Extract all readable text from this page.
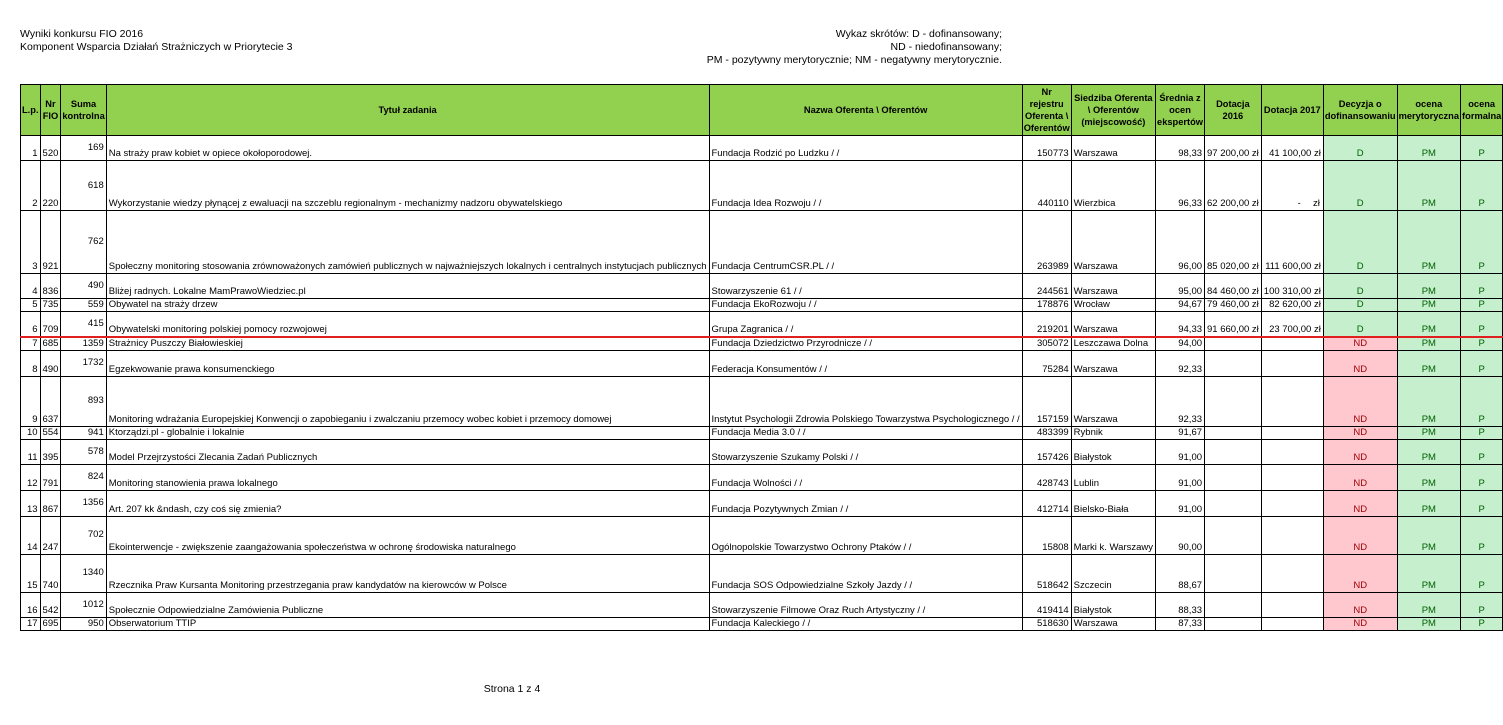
Wyniki konkursu FIO 2016
Komponent Wsparcia Działań Strażniczych w Priorytecie 3
Wykaz skrótów: D - dofinansowany;
ND - niedofinansowany;
PM - pozytywny merytorycznie; NM - negatywny merytorycznie.
L.p.	Nr FIO	Suma kontrolna	Tytuł zadania	Nazwa Oferenta \ Oferentów	Nr rejestru Oferenta \ Oferentów	Siedziba Oferenta \ Oferentów (miejscowość)	Średnia z ocen ekspertów	Dotacja 2016	Dotacja 2017	Decyzja o dofinansowaniu	ocena merytoryczna	ocena formalna
1	520	169	Na straży praw kobiet w opiece okołoporodowej.	Fundacja Rodzić po Ludzku / /	150773	Warszawa	98,33	97 200,00 zł	41 100,00 zł	D	PM	P
2	220	618	Wykorzystanie wiedzy płynącej z ewaluacji na szczeblu regionalnym - mechanizmy nadzoru obywatelskiego	Fundacja Idea Rozwoju / /	440110	Wierzbica	96,33	62 200,00 zł	- zł	D	PM	P
3	921	762	Społeczny monitoring stosowania zrównoważonych zamówień publicznych w najważniejszych lokalnych i centralnych instytucjach publicznych	Fundacja CentrumCSR.PL / /	263989	Warszawa	96,00	85 020,00 zł	111 600,00 zł	D	PM	P
4	836	490	Bliżej radnych. Lokalne MamPrawoWiedziec.pl	Stowarzyszenie 61 / /	244561	Warszawa	95,00	84 460,00 zł	100 310,00 zł	D	PM	P
5	735	559	Obywatel na straży drzew	Fundacja EkoRozwoju / /	178876	Wrocław	94,67	79 460,00 zł	82 620,00 zł	D	PM	P
6	709	415	Obywatelski monitoring polskiej pomocy rozwojowej	Grupa Zagranica / /	219201	Warszawa	94,33	91 660,00 zł	23 700,00 zł	D	PM	P
7	685	1359	Strażnicy Puszczy Białowieskiej	Fundacja Dziedzictwo Przyrodnicze / /	305072	Leszczawa Dolna	94,00			ND	PM	P
8	490	1732	Egzekwowanie prawa konsumenckiego	Federacja Konsumentów / /	75284	Warszawa	92,33			ND	PM	P
9	637	893	Monitoring wdrażania Europejskiej Konwencji o zapobieganiu i zwalczaniu przemocy wobec kobiet i przemocy domowej	Instytut Psychologii Zdrowia Polskiego Towarzystwa Psychologicznego / /	157159	Warszawa	92,33			ND	PM	P
10	554	941	Ktorządzi.pl - globalnie i lokalnie	Fundacja Media 3.0 / /	483399	Rybnik	91,67			ND	PM	P
11	395	578	Model Przejrzystości Zlecania Zadań Publicznych	Stowarzyszenie Szukamy Polski / /	157426	Białystok	91,00			ND	PM	P
12	791	824	Monitoring stanowienia prawa lokalnego	Fundacja Wolności / /	428743	Lublin	91,00			ND	PM	P
13	867	1356	Art. 207 kk &ndash, czy coś się zmienia?	Fundacja Pozytywnych Zmian / /	412714	Bielsko-Biała	91,00			ND	PM	P
14	247	702	Ekointerwencje - zwiększenie zaangażowania społeczeństwa w ochronę środowiska naturalnego	Ogólnopolskie Towarzystwo Ochrony Ptaków / /	15808	Marki k. Warszawy	90,00			ND	PM	P
15	740	1340	Rzecznika Praw Kursanta Monitoring przestrzegania praw kandydatów na kierowców w Polsce	Fundacja SOS Odpowiedzialne Szkoły Jazdy / /	518642	Szczecin	88,67			ND	PM	P
16	542	1012	Społecznie Odpowiedzialne Zamówienia Publiczne	Stowarzyszenie Filmowe Oraz Ruch Artystyczny / /	419414	Białystok	88,33			ND	PM	P
17	695	950	Obserwatorium TTIP	Fundacja Kaleckiego / /	518630	Warszawa	87,33			ND	PM	P
Strona 1 z 4
